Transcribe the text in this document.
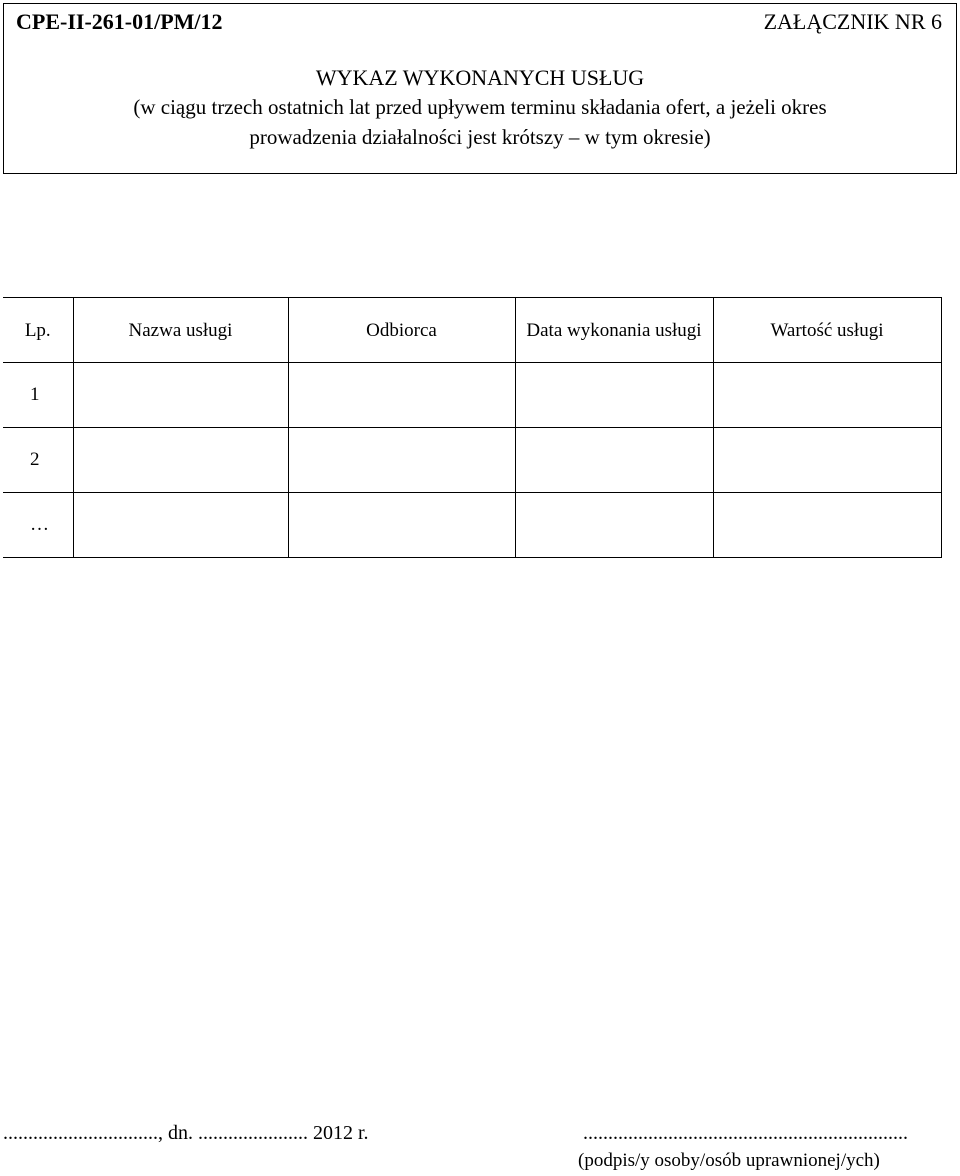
CPE-II-261-01/PM/12	ZAŁĄCZNIK NR 6
WYKAZ WYKONANYCH USŁUG
(w ciągu trzech ostatnich lat przed upływem terminu składania ofert, a jeżeli okres
prowadzenia działalności jest krótszy – w tym okresie)
Lp.	Nazwa usługi	Odbiorca	Data wykonania usługi	Wartość usługi
1				
2				
…				
..............................., dn. ...................... 2012 r.	.................................................................
(podpis/y osoby/osób uprawnionej/ych)
